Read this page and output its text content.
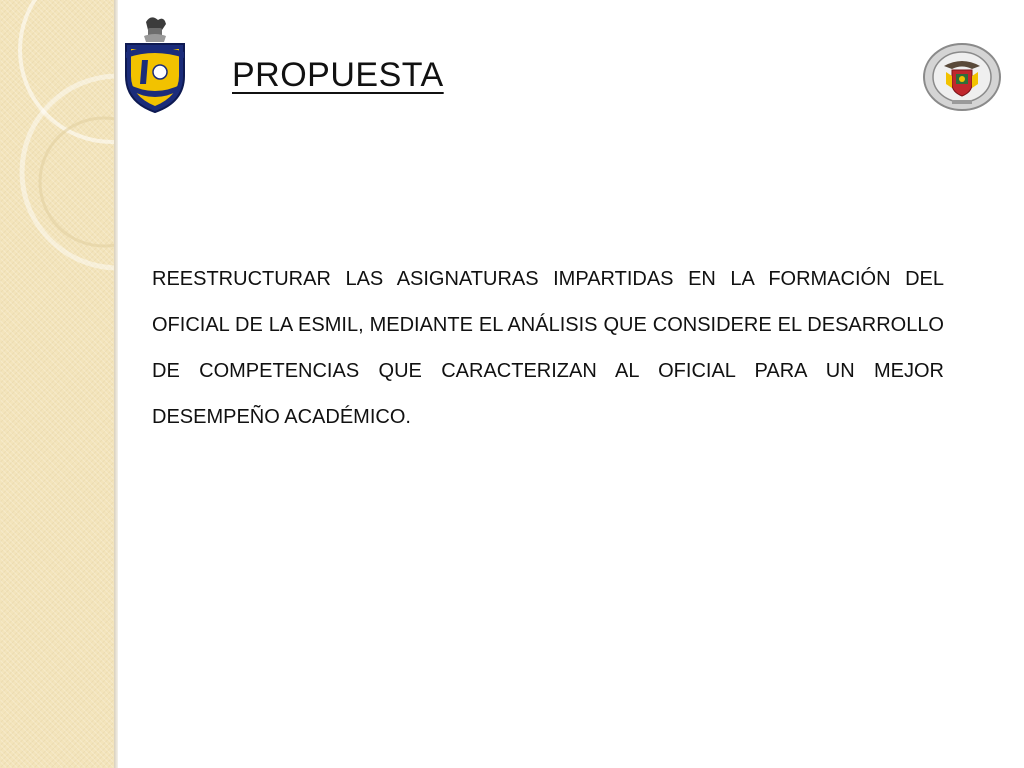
PROPUESTA

REESTRUCTURAR LAS ASIGNATURAS IMPARTIDAS EN LA FORMACIÓN DEL OFICIAL DE LA ESMIL, MEDIANTE EL ANÁLISIS QUE CONSIDERE EL DESARROLLO DE COMPETENCIAS QUE CARACTERIZAN AL OFICIAL PARA UN MEJOR DESEMPEÑO ACADÉMICO.
